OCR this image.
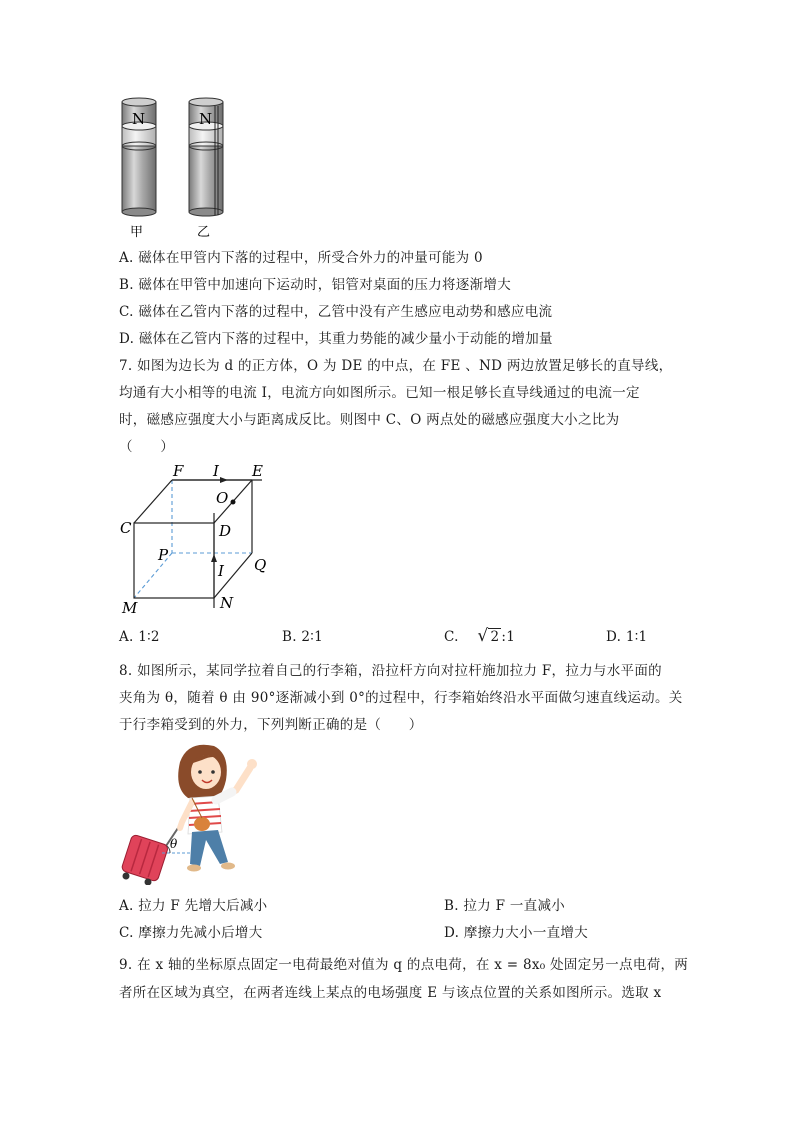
N	N
甲	乙
A. 磁体在甲管内下落的过程中，所受合外力的冲量可能为 0
B. 磁体在甲管中加速向下运动时，铝管对桌面的压力将逐渐增大
C. 磁体在乙管内下落的过程中，乙管中没有产生感应电动势和感应电流
D. 磁体在乙管内下落的过程中，其重力势能的减少量小于动能的增加量
7. 如图为边长为 d 的正方体，O 为 DE 的中点，在 FE 、ND 两边放置足够长的直导线，
均通有大小相等的电流 I，电流方向如图所示。已知一根足够长直导线通过的电流一定
时，磁感应强度大小与距离成反比。则图中 C、O 两点处的磁感应强度大小之比为
（　　）
F I E
O
C	D
P
I Q
M	N
A. 1∶2	B. 2∶1	C. √ 2 :1	D. 1∶1
8. 如图所示，某同学拉着自己的行李箱，沿拉杆方向对拉杆施加拉力 F，拉力与水平面的
夹角为 θ，随着 θ 由 90°逐渐减小到 0°的过程中，行李箱始终沿水平面做匀速直线运动。关
于行李箱受到的外力，下列判断正确的是（　　）
θ
A. 拉力 F 先增大后减小	B. 拉力 F 一直减小
C. 摩擦力先减小后增大	D. 摩擦力大小一直增大
9. 在 x 轴的坐标原点固定一电荷最绝对值为 q 的点电荷，在 x = 8x₀ 处固定另一点电荷，两
者所在区域为真空，在两者连线上某点的电场强度 E 与该点位置的关系如图所示。选取 x
